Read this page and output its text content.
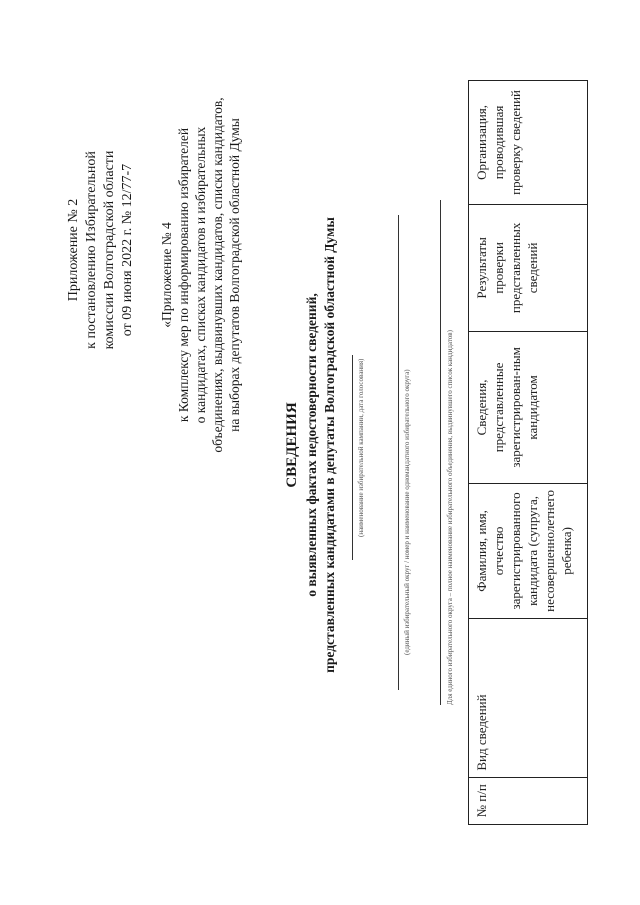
Приложение № 2 к постановлению Избирательной комиссии Волгоградской области от 09 июня 2022 г. № 12/77-7 «Приложение № 4 к Комплексу мер по информированию избирателей о кандидатах, списках кандидатов и избирательных объединениях, выдвинувших кандидатов, списки кандидатов, на выборах депутатов Волгоградской областной Думы
СВЕДЕНИЯ о выявленных фактах недостоверности сведений, представленных кандидатами в депутаты Волгоградской областной Думы	(наименование избирательной кампании, дата голосования)	(единый избирательный округ / номер и наименование одномандатного избирательного округа)	Для единого избирательного округа – полное наименование избирательного объединения, выдвинувшего список кандидатов)
№ п/п	Вид сведений	Фамилия, имя, отчество зарегистрированного кандидата (супруга, несовершеннолетнего ребенка)	Сведения, представленные зарегистрирован-ным кандидатом	Результаты проверки представленных сведений	Организация, проводившая проверку сведений
